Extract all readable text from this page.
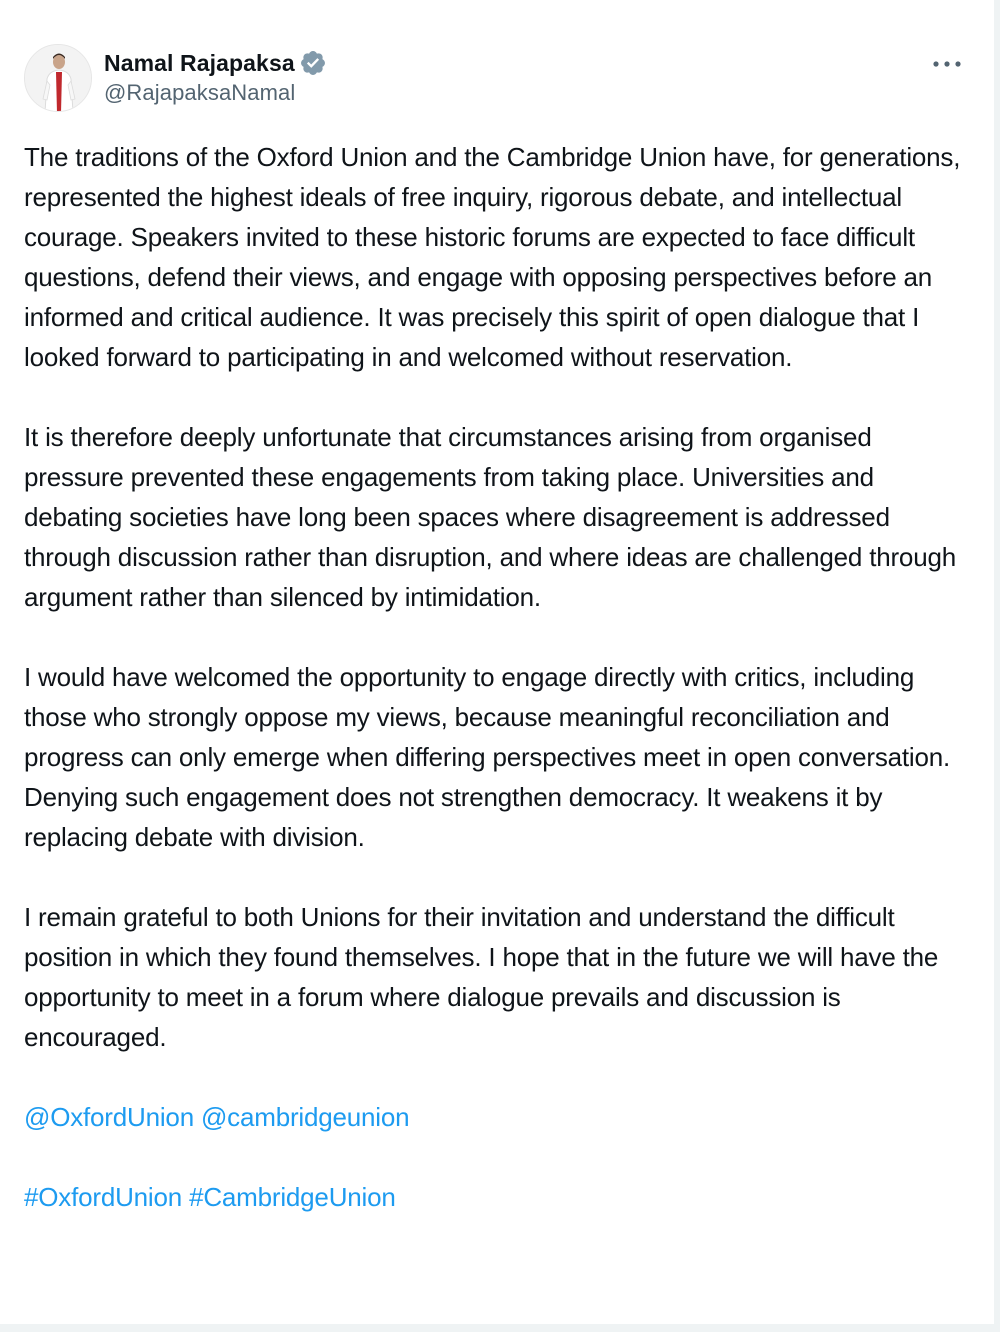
Namal Rajapaksa
@RajapaksaNamal

The traditions of the Oxford Union and the Cambridge Union have, for generations, represented the highest ideals of free inquiry, rigorous debate, and intellectual courage. Speakers invited to these historic forums are expected to face difficult questions, defend their views, and engage with opposing perspectives before an informed and critical audience. It was precisely this spirit of open dialogue that I looked forward to participating in and welcomed without reservation.

It is therefore deeply unfortunate that circumstances arising from organised pressure prevented these engagements from taking place. Universities and debating societies have long been spaces where disagreement is addressed through discussion rather than disruption, and where ideas are challenged through argument rather than silenced by intimidation.

I would have welcomed the opportunity to engage directly with critics, including those who strongly oppose my views, because meaningful reconciliation and progress can only emerge when differing perspectives meet in open conversation. Denying such engagement does not strengthen democracy. It weakens it by replacing debate with division.

I remain grateful to both Unions for their invitation and understand the difficult position in which they found themselves. I hope that in the future we will have the opportunity to meet in a forum where dialogue prevails and discussion is encouraged.

@OxfordUnion @cambridgeunion
#OxfordUnion #CambridgeUnion
